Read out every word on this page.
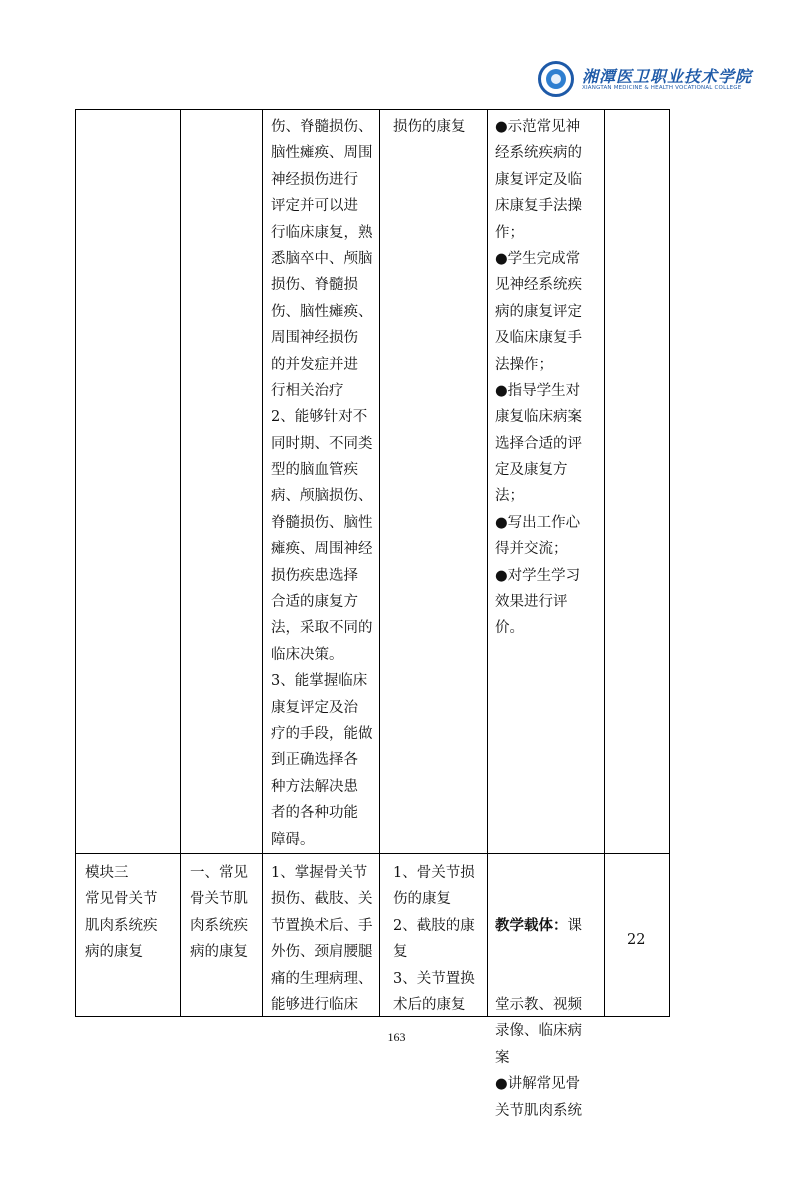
湘潭医卫职业技术学院
XIANGTAN MEDICINE & HEALTH VOCATIONAL COLLEGE
伤、脊髓损伤、
脑性瘫痪、周围
神经损伤进行
评定并可以进
行临床康复，熟
悉脑卒中、颅脑
损伤、脊髓损
伤、脑性瘫痪、
周围神经损伤
的并发症并进
行相关治疗
2、能够针对不
同时期、不同类
型的脑血管疾
病、颅脑损伤、
脊髓损伤、脑性
瘫痪、周围神经
损伤疾患选择
合适的康复方
法，采取不同的
临床决策。
3、能掌握临床
康复评定及治
疗的手段，能做
到正确选择各
种方法解决患
者的各种功能
障碍。
损伤的康复 ●示范常见神
经系统疾病的
康复评定及临
床康复手法操
作；
●学生完成常
见神经系统疾
病的康复评定
及临床康复手
法操作；
●指导学生对
康复临床病案
选择合适的评
定及康复方
法；
●写出工作心
得并交流；
●对学生学习
效果进行评
价。
模块三
常见骨关节
肌肉系统疾
病的康复
一、常见
骨关节肌
肉系统疾
病的康复
1、掌握骨关节
损伤、截肢、关
节置换术后、手
外伤、颈肩腰腿
痛的生理病理、
能够进行临床
1、骨关节损
伤的康复
2、截肢的康
复
3、关节置换
术后的康复

教学载体：课

堂示教、视频
录像、临床病
案
●讲解常见骨
关节肌肉系统

22
163
